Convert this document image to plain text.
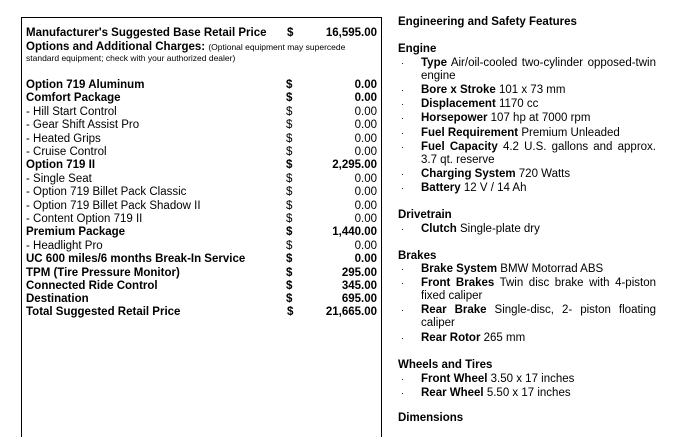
Manufacturer's Suggested Base Retail Price $	16,595.00
Options and Additional Charges: (Optional equipment may supercede
standard equipment; check with your authorized dealer)
Option 719 Aluminum	$	0.00
Comfort Package	$	0.00
- Hill Start Control	$	0.00
- Gear Shift Assist Pro	$	0.00
- Heated Grips	$	0.00
- Cruise Control	$	0.00
Option 719 II	$	2,295.00
- Single Seat	$	0.00
- Option 719 Billet Pack Classic	$	0.00
- Option 719 Billet Pack Shadow II	$	0.00
- Content Option 719 II	$	0.00
Premium Package	$	1,440.00
- Headlight Pro	$	0.00
UC 600 miles/6 months Break-In Service	$	0.00
TPM (Tire Pressure Monitor)	$	295.00
Connected Ride Control	$	345.00
Destination	$	695.00
Total Suggested Retail Price	$	21,665.00
Engineering and Safety Features
Engine
· Type Air/oil-cooled two-cylinder opposed-twin engine
· Bore x Stroke 101 x 73 mm
· Displacement 1170 cc
· Horsepower 107 hp at 7000 rpm
· Fuel Requirement Premium Unleaded
· Fuel Capacity 4.2 U.S. gallons and approx. 3.7 qt. reserve
· Charging System 720 Watts
· Battery 12 V / 14 Ah
Drivetrain
· Clutch Single-plate dry
Brakes
· Brake System BMW Motorrad ABS
· Front Brakes Twin disc brake with 4-piston fixed caliper
· Rear Brake Single-disc, 2- piston floating caliper
· Rear Rotor 265 mm
Wheels and Tires
· Front Wheel 3.50 x 17 inches
· Rear Wheel 5.50 x 17 inches
Dimensions
